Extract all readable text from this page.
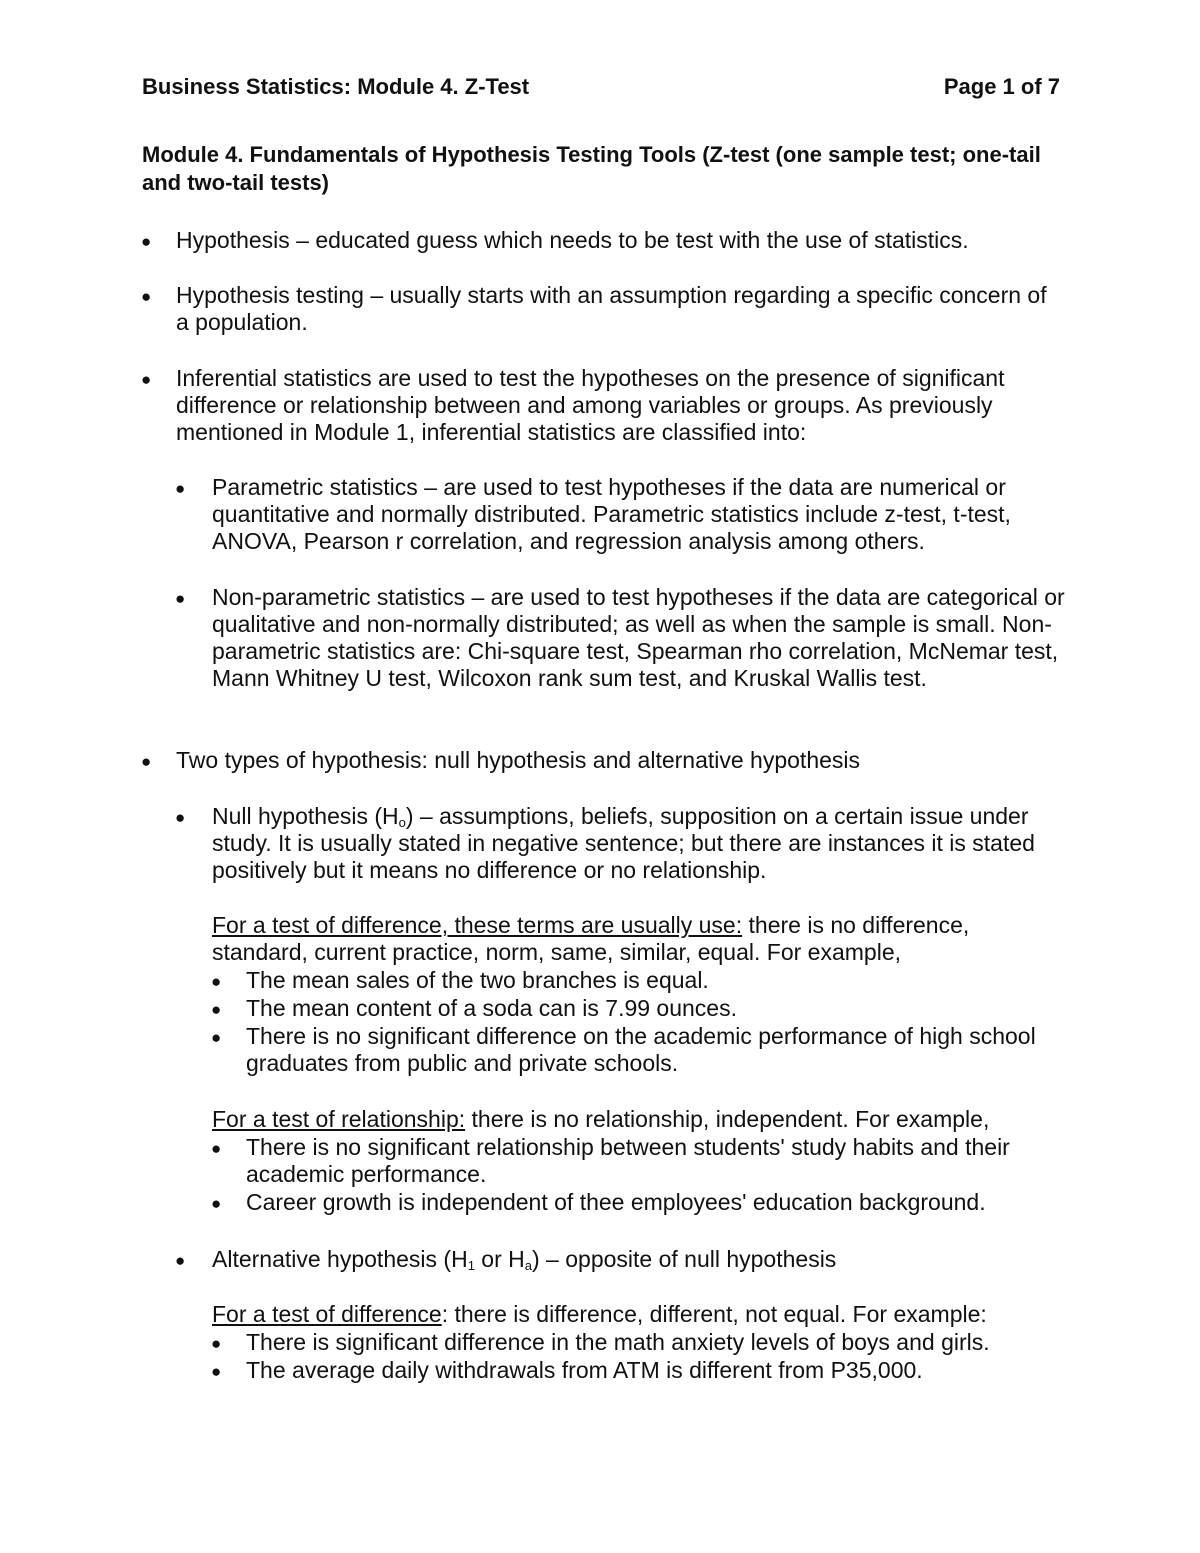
Business Statistics: Module 4. Z-Test	Page 1 of 7
Module 4. Fundamentals of Hypothesis Testing Tools (Z-test (one sample test; one-tail and two-tail tests)
● Hypothesis – educated guess which needs to be test with the use of statistics.
● Hypothesis testing – usually starts with an assumption regarding a specific concern of a population.
● Inferential statistics are used to test the hypotheses on the presence of significant difference or relationship between and among variables or groups. As previously mentioned in Module 1, inferential statistics are classified into:
● Parametric statistics – are used to test hypotheses if the data are numerical or quantitative and normally distributed. Parametric statistics include z-test, t-test, ANOVA, Pearson r correlation, and regression analysis among others.
● Non-parametric statistics – are used to test hypotheses if the data are categorical or qualitative and non-normally distributed; as well as when the sample is small. Non-parametric statistics are: Chi-square test, Spearman rho correlation, McNemar test, Mann Whitney U test, Wilcoxon rank sum test, and Kruskal Wallis test.
● Two types of hypothesis: null hypothesis and alternative hypothesis
● Null hypothesis $(H_o)$ – assumptions, beliefs, supposition on a certain issue under study. It is usually stated in negative sentence; but there are instances it is stated positively but it means no difference or no relationship.
For a test of difference, these terms are usually use: there is no difference, standard, current practice, norm, same, similar, equal. For example,
● The mean sales of the two branches is equal.
● The mean content of a soda can is 7.99 ounces.
● There is no significant difference on the academic performance of high school graduates from public and private schools.
For a test of relationship: there is no relationship, independent. For example,
● There is no significant relationship between students' study habits and their academic performance.
● Career growth is independent of thee employees' education background.
● Alternative hypothesis ($H_1$ or $H_a$) – opposite of null hypothesis
For a test of difference: there is difference, different, not equal. For example:
● There is significant difference in the math anxiety levels of boys and girls.
● The average daily withdrawals from ATM is different from P35,000.
